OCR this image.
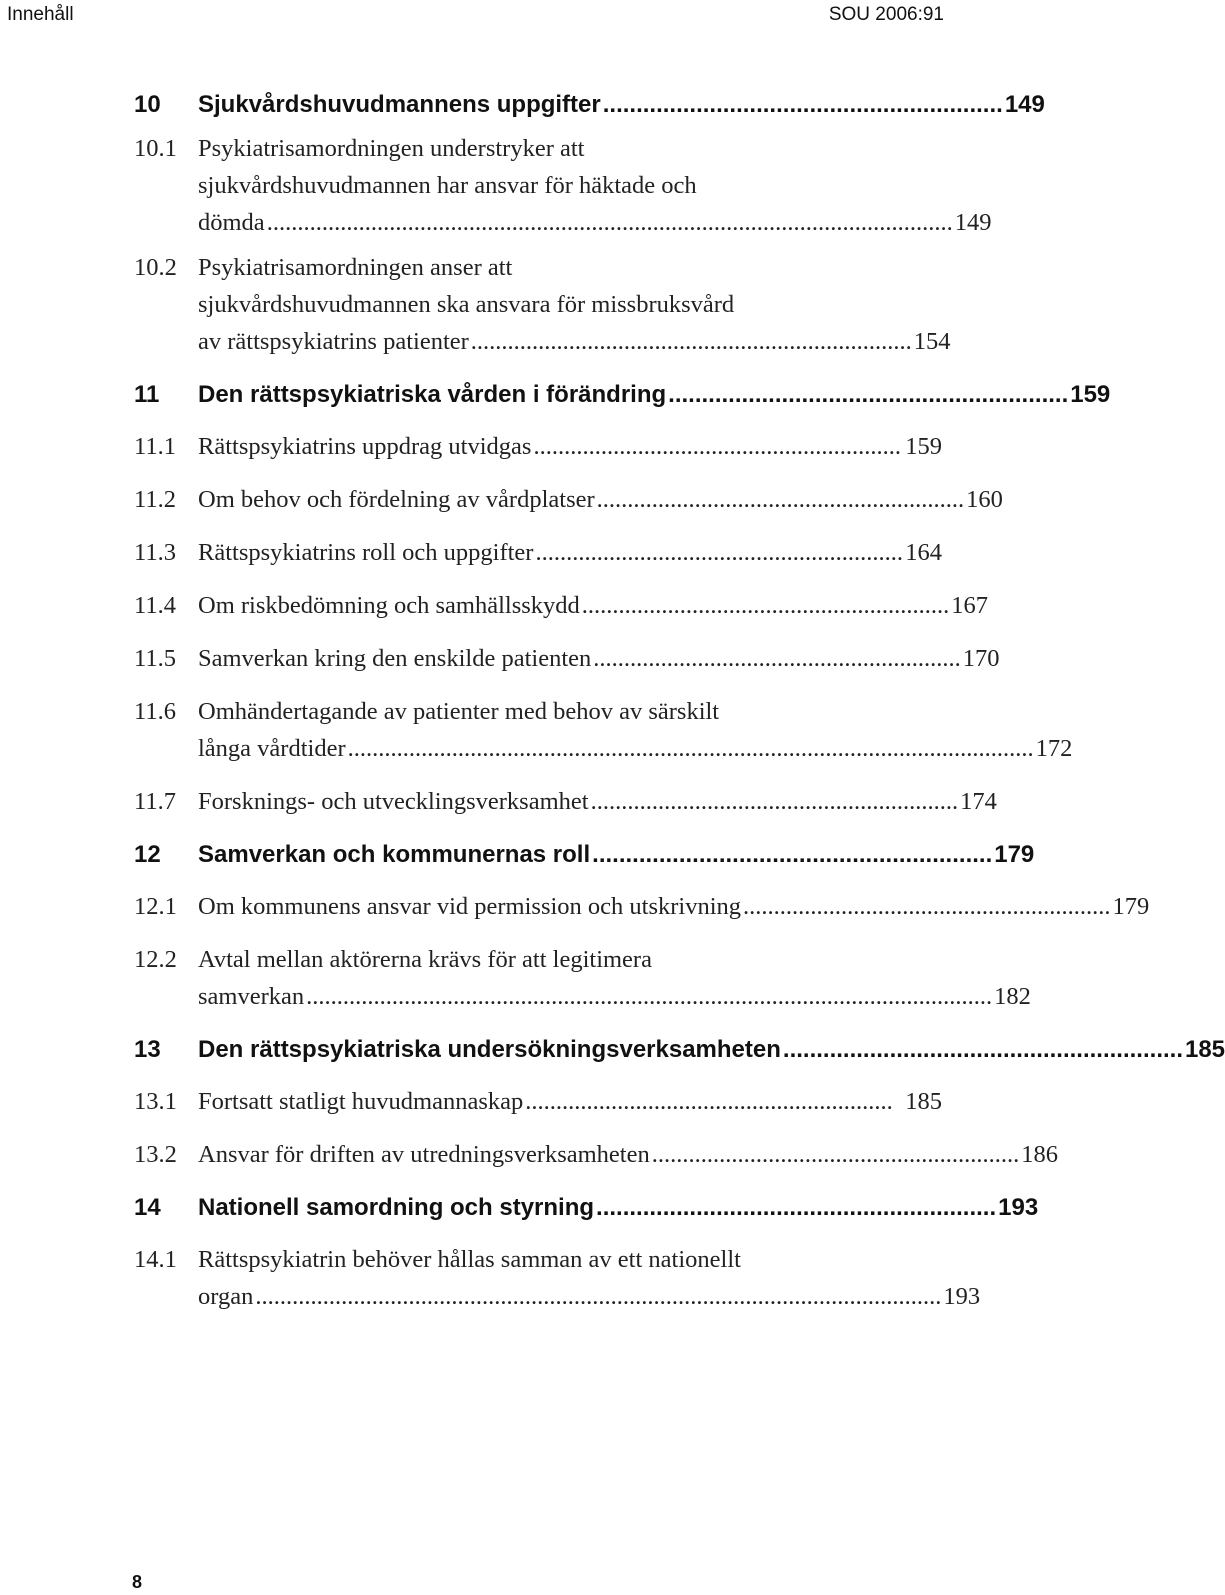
Innehåll	SOU 2006:91
10	Sjukvårdshuvudmannens uppgifter ............................................................ 149
10.1 Psykiatrisamordningen understryker att
sjukvårdshuvudmannen har ansvar för häktade och
dömda ................................................................................................................ 149
10.2 Psykiatrisamordningen anser att
sjukvårdshuvudmannen ska ansvara för missbruksvård
av rättspsykiatrins patienter ........................................................................ 154
11	Den rättspsykiatriska vården i förändring ............................................................ 159
11.1 Rättspsykiatrins uppdrag utvidgas ............................................................ 159
11.2 Om behov och fördelning av vårdplatser ............................................................ 160
11.3 Rättspsykiatrins roll och uppgifter ............................................................ 164
11.4 Om riskbedömning och samhällsskydd ............................................................ 167
11.5 Samverkan kring den enskilde patienten ............................................................ 170
11.6 Omhändertagande av patienter med behov av särskilt
långa vårdtider ................................................................................................................ 172
11.7 Forsknings- och utvecklingsverksamhet ............................................................ 174
12	Samverkan och kommunernas roll ............................................................ 179
12.1 Om kommunens ansvar vid permission och utskrivning ............................................................ 179
12.2 Avtal mellan aktörerna krävs för att legitimera
samverkan ................................................................................................................ 182
13	Den rättspsykiatriska undersökningsverksamheten ............................................................ 185
13.1 Fortsatt statligt huvudmannaskap ............................................................ 185
13.2 Ansvar för driften av utredningsverksamheten ............................................................ 186
14	Nationell samordning och styrning ............................................................ 193
14.1 Rättspsykiatrin behöver hållas samman av ett nationellt
organ ................................................................................................................ 193
8
